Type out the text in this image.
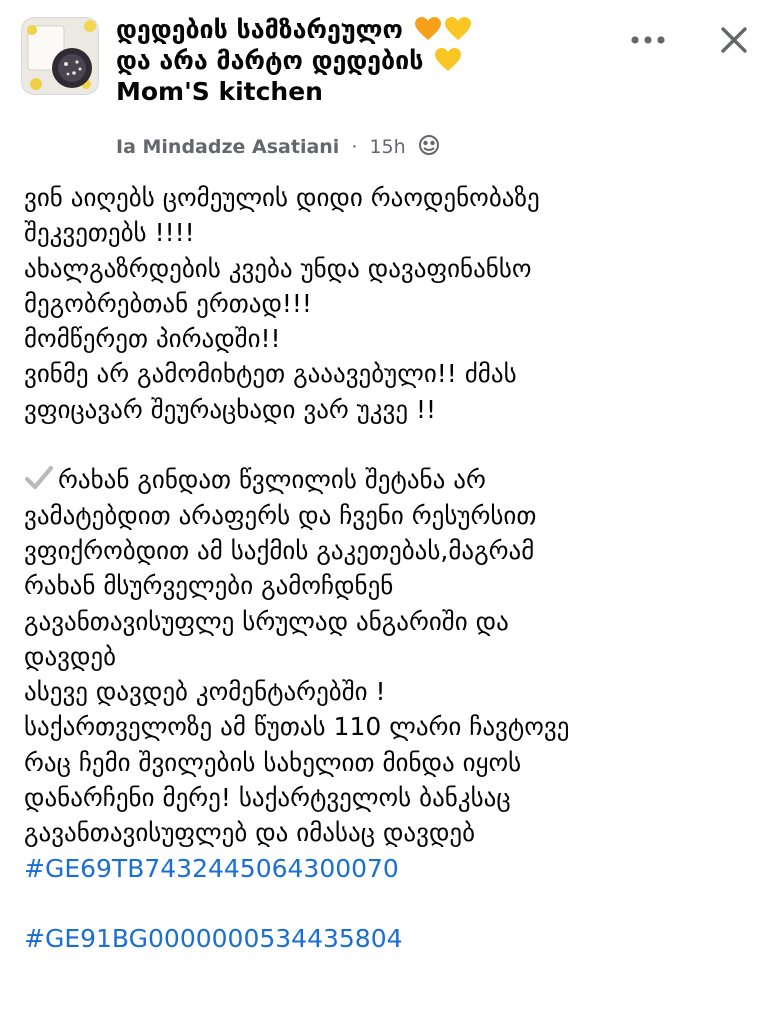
დედების სამზარეულო
და არა მარტო დედების
Mom'S kitchen
Ia Mindadze Asatiani · 15h
ვინ აიღებს ცომეულის დიდი რაოდენობაზე
შეკვეთებს !!!!
ახალგაზრდების კვება უნდა დავაფინანსო
მეგობრებთან ერთად!!!
მომწერეთ პირადში!!
ვინმე არ გამომიხტეთ გააავებული!! ძმას
ვფიცავარ შეურაცხადი ვარ უკვე !!
რახან გინდათ წვლილის შეტანა არ
ვამატებდით არაფერს და ჩვენი რესურსით
ვფიქრობდით ამ საქმის გაკეთებას,მაგრამ
რახან მსურველები გამოჩდნენ
გავანთავისუფლე სრულად ანგარიში და
დავდებ
ასევე დავდებ კომენტარებში !
საქართველოზე ამ წუთას 110 ლარი ჩავტოვე
რაც ჩემი შვილების სახელით მინდა იყოს
დანარჩენი მერე! საქარტველოს ბანკსაც
გავანთავისუფლებ და იმასაც დავდებ
#GE69TB7432445064300070
#GE91BG0000000534435804
